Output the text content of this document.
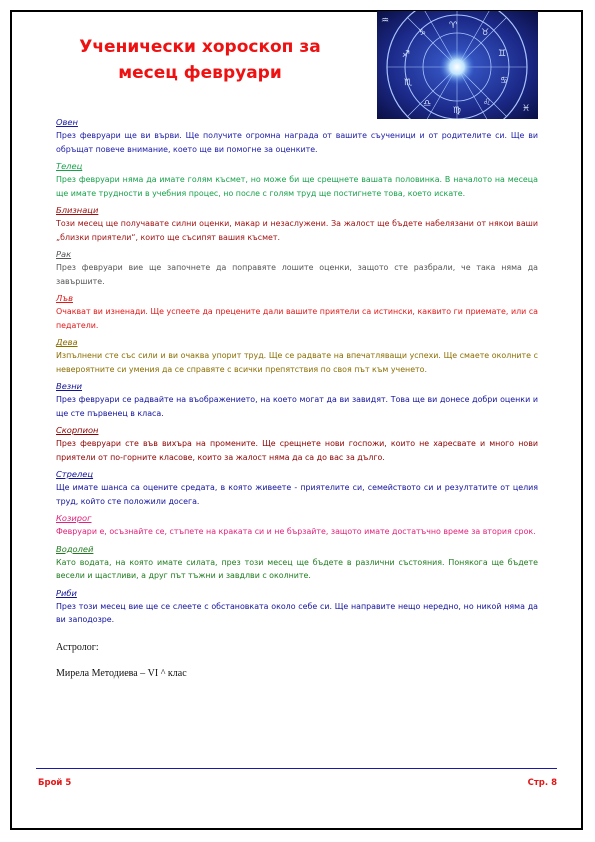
Ученически хороскоп за
месец февруари
♈
♉
♊
♋
♌
♍
♎
♏
♐
♑
♒
♓
Овен
През февруари ще ви върви. Ще получите огромна награда от вашите съученици и от родителите си. Ще ви обръщат повече внимание, което ще ви помогне за оценките.
Телец
През февруари няма да имате голям късмет, но може би ще срещнете вашата половинка. В началото на месеца ще имате трудности в учебния процес, но после с голям труд ще постигнете това, което искате.
Близнаци
Този месец ще получавате силни оценки, макар и незаслужени. За жалост ще бъдете набелязани от някои ваши „близки приятели“, които ще съсипят вашия късмет.
Рак
През февруари вие ще започнете да поправяте лошите оценки, защото сте разбрали, че така няма да завършите.
Лъв
Очакват ви изненади. Ще успеете да прецените дали вашите приятели са истински, каквито ги приемате, или са педатели.
Дева
Изпълнени сте със сили и ви очаква упорит труд. Ще се радвате на впечатляващи успехи. Ще смаете околните с невероятните си умения да се справяте с всички препятствия по своя път към ученето.
Везни
През февруари се радвайте на въображението, на което могат да ви завидят. Това ще ви донесе добри оценки и ще сте първенец в класа.
Скорпион
През февруари сте във вихъра на промените. Ще срещнете нови госпожи, които не харесвате и много нови приятели от по-горните класове, които за жалост няма да са до вас за дълго.
Стрелец
Ще имате шанса са оцените средата, в която живеете - приятелите си, семейството си и резултатите от целия труд, който сте положили досега.
Козирог
Февруари е, осъзнайте се, стъпете на краката си и не бързайте, защото имате достатъчно време за втория срок.
Водолей
Като водата, на която имате силата, през този месец ще бъдете в различни състояния. Понякога ще бъдете весели и щастливи, а друг път тъжни и завдлви с околните.
Риби
През този месец вие ще се слеете с обстановката около себе си. Ще направите нещо нередно, но никой няма да ви заподозре.

Астролог:

Мирела Методиева – VI ^ клас

Брой 5	Стр. 8
